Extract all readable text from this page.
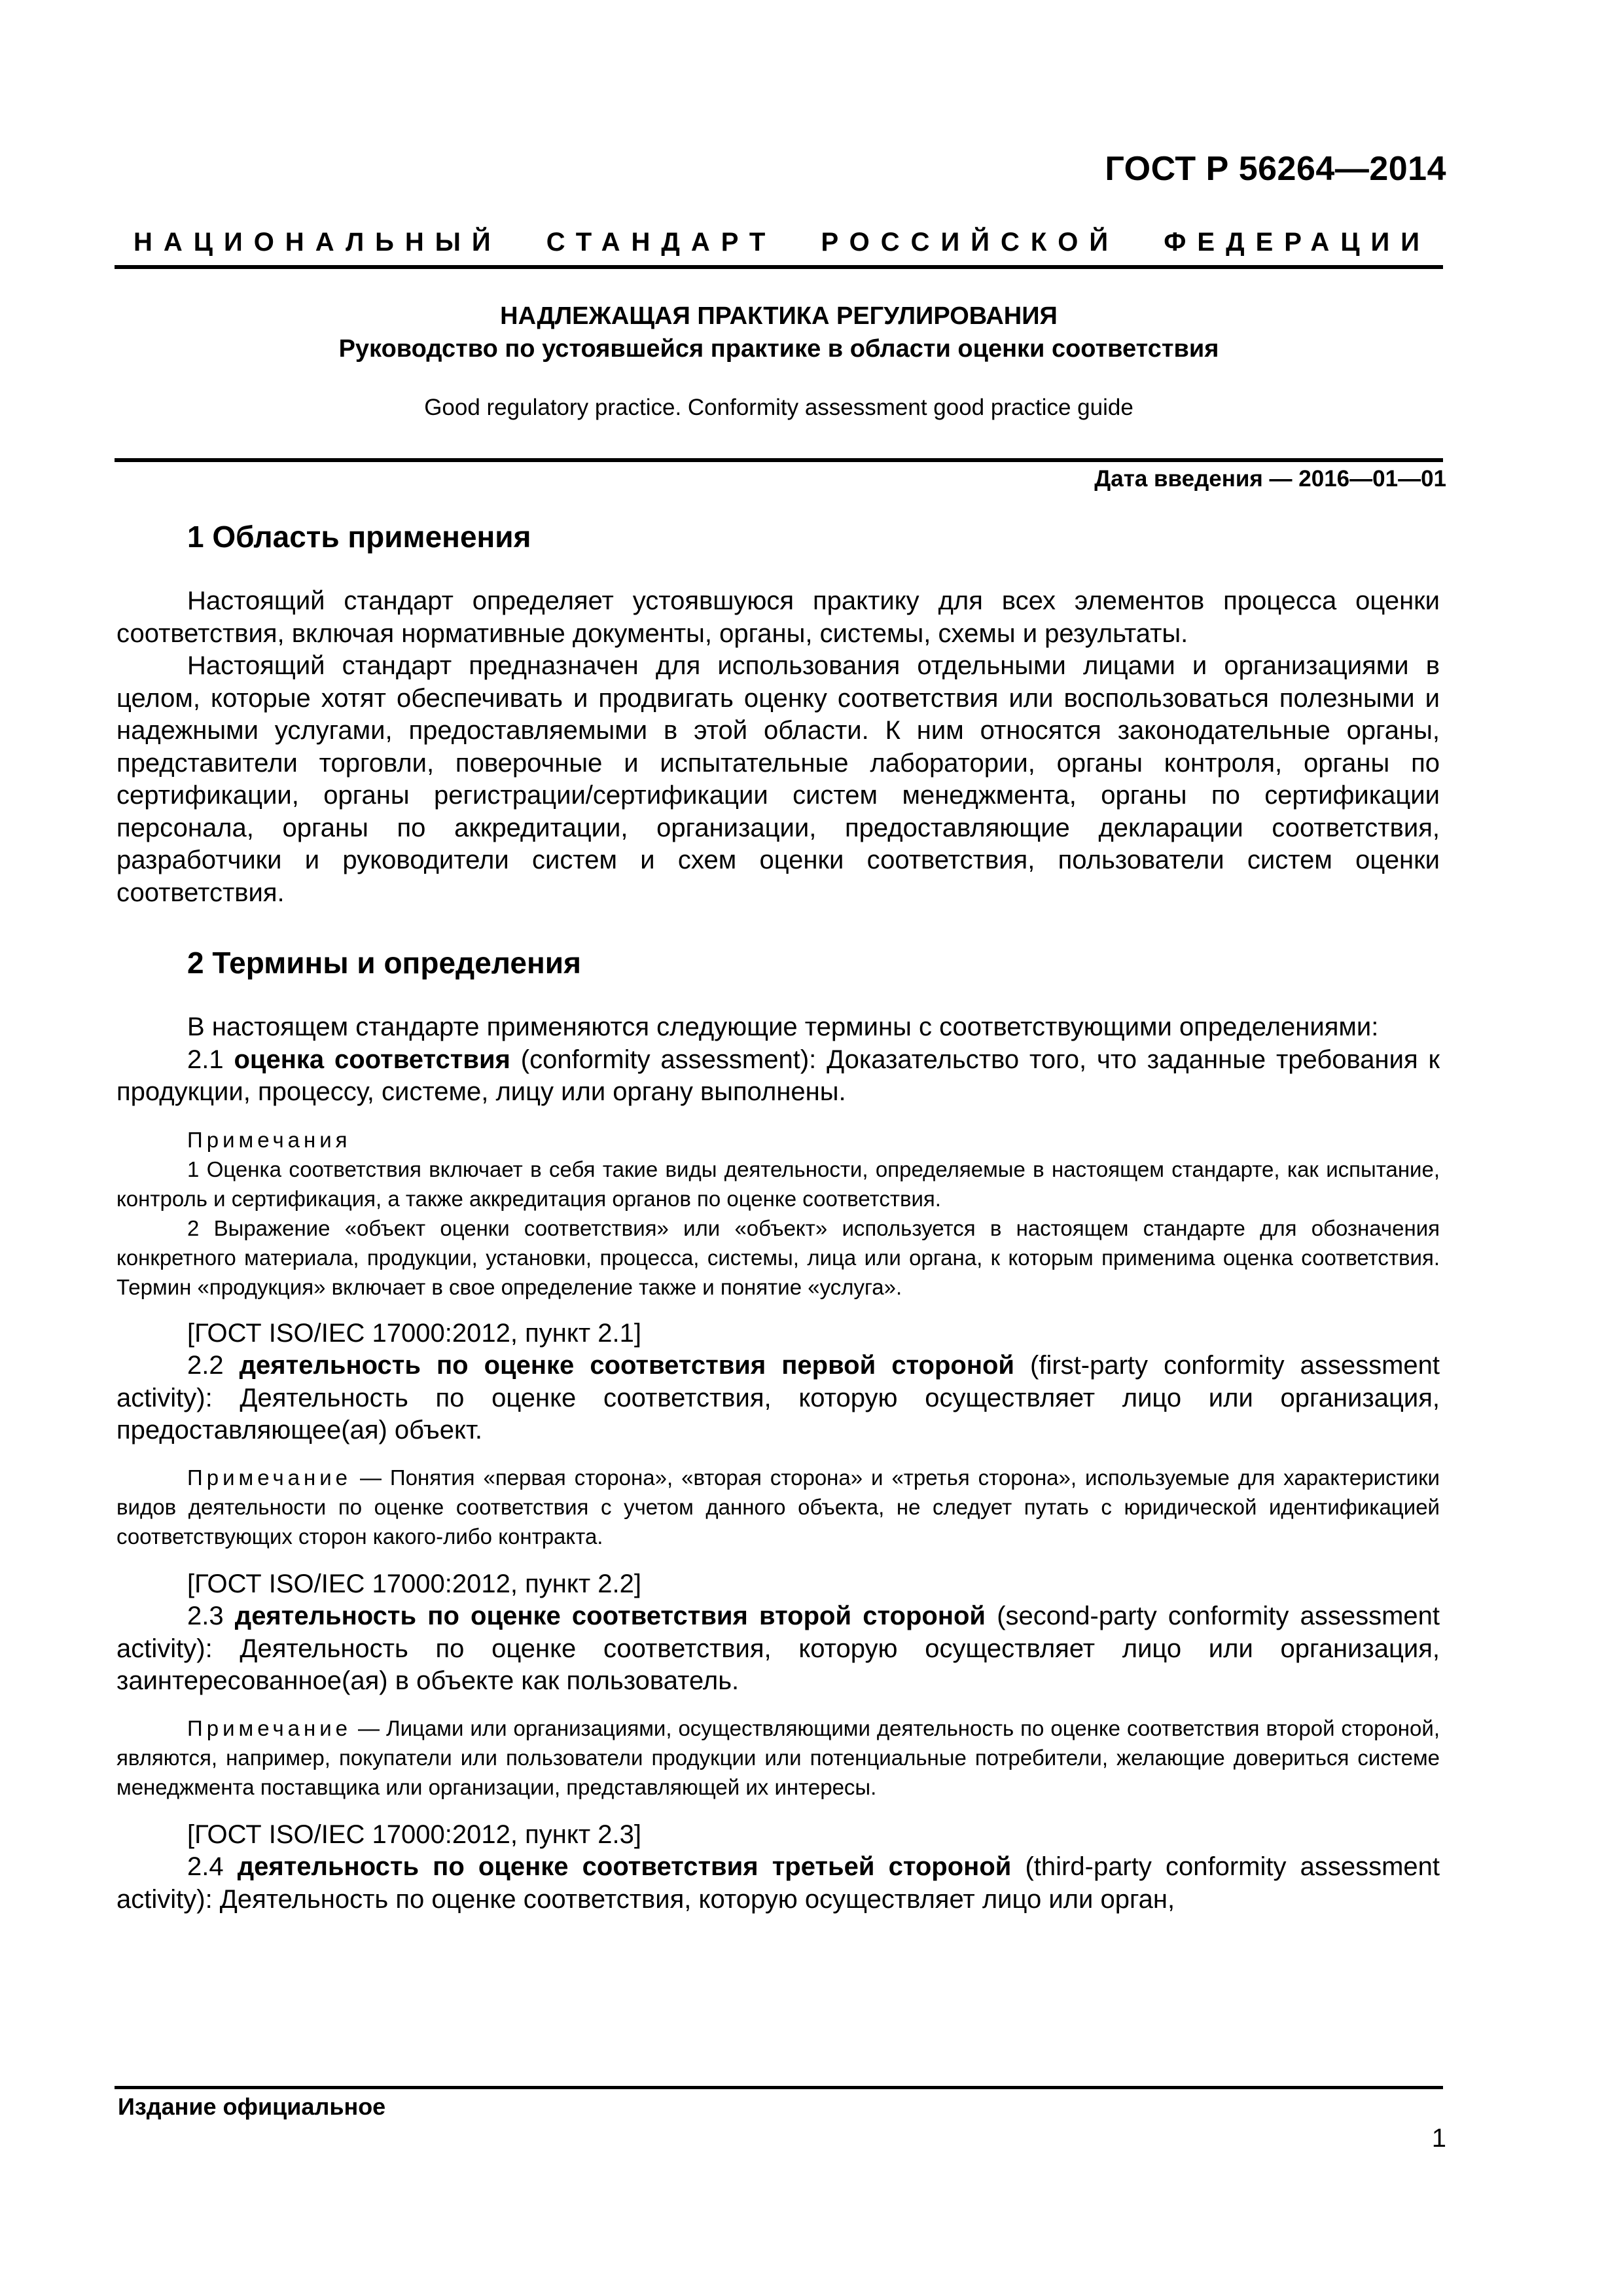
ГОСТ Р 56264—2014
НАЦИОНАЛЬНЫЙ СТАНДАРТ РОССИЙСКОЙ ФЕДЕРАЦИИ
НАДЛЕЖАЩАЯ ПРАКТИКА РЕГУЛИРОВАНИЯ
Руководство по устоявшейся практике в области оценки соответствия
Good regulatory practice. Conformity assessment good practice guide
Дата введения — 2016—01—01
1 Область применения

Настоящий стандарт определяет устоявшуюся практику для всех элементов процесса оценки соответствия, включая нормативные документы, органы, системы, схемы и результаты.

Настоящий стандарт предназначен для использования отдельными лицами и организациями в целом, которые хотят обеспечивать и продвигать оценку соответствия или воспользоваться полезными и надежными услугами, предоставляемыми в этой области. К ним относятся законодательные органы, представители торговли, поверочные и испытательные лаборатории, органы контроля, органы по сертификации, органы регистрации/сертификации систем менеджмента, органы по сертификации персонала, органы по аккредитации, организации, предоставляющие декларации соответствия, разработчики и руководители систем и схем оценки соответствия, пользователи систем оценки соответствия.

2 Термины и определения

В настоящем стандарте применяются следующие термины с соответствующими определениями:

2.1 оценка соответствия (conformity assessment): Доказательство того, что заданные требования к продукции, процессу, системе, лицу или органу выполнены.

Примечания

1 Оценка соответствия включает в себя такие виды деятельности, определяемые в настоящем стандарте, как испытание, контроль и сертификация, а также аккредитация органов по оценке соответствия.

2 Выражение «объект оценки соответствия» или «объект» используется в настоящем стандарте для обозначения конкретного материала, продукции, установки, процесса, системы, лица или органа, к которым применима оценка соответствия. Термин «продукция» включает в свое определение также и понятие «услуга».

[ГОСТ ISO/IEC 17000:2012, пункт 2.1]

2.2 деятельность по оценке соответствия первой стороной (first-party conformity assessment activity): Деятельность по оценке соответствия, которую осуществляет лицо или организация, предоставляющее(ая) объект.

Примечание — Понятия «первая сторона», «вторая сторона» и «третья сторона», используемые для характеристики видов деятельности по оценке соответствия с учетом данного объекта, не следует путать с юридической идентификацией соответствующих сторон какого-либо контракта.

[ГОСТ ISO/IEC 17000:2012, пункт 2.2]

2.3 деятельность по оценке соответствия второй стороной (second-party conformity assessment activity): Деятельность по оценке соответствия, которую осуществляет лицо или организация, заинтересованное(ая) в объекте как пользователь.

Примечание — Лицами или организациями, осуществляющими деятельность по оценке соответствия второй стороной, являются, например, покупатели или пользователи продукции или потенциальные потребители, желающие довериться системе менеджмента поставщика или организации, представляющей их интересы.

[ГОСТ ISO/IEC 17000:2012, пункт 2.3]

2.4 деятельность по оценке соответствия третьей стороной (third-party conformity assessment activity): Деятельность по оценке соответствия, которую осуществляет лицо или орган,

Издание официальное
1
